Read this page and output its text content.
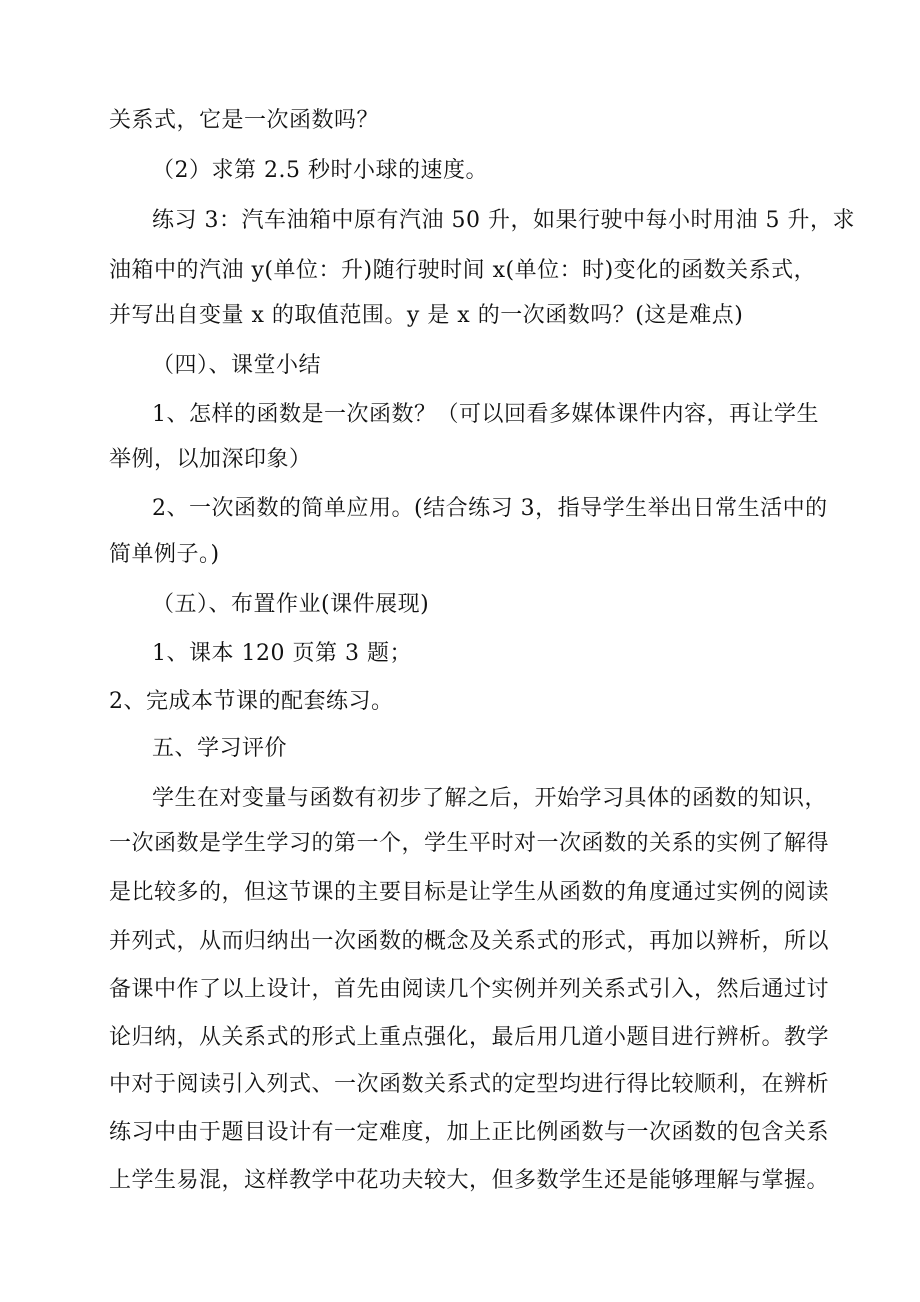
关系式，它是一次函数吗？
（2）求第 2.5 秒时小球的速度。
练习 3：汽车油箱中原有汽油 50 升，如果行驶中每小时用油 5 升，求
油箱中的汽油 y(单位：升)随行驶时间 x(单位：时)变化的函数关系式，
并写出自变量 x 的取值范围。y 是 x 的一次函数吗？(这是难点)
（四）、课堂小结
1、怎样的函数是一次函数？（可以回看多媒体课件内容，再让学生
举例，以加深印象）
2、一次函数的简单应用。(结合练习 3，指导学生举出日常生活中的
简单例子。)
（五）、布置作业(课件展现)
1、课本 120 页第 3 题；
2、完成本节课的配套练习。
五、学习评价
学生在对变量与函数有初步了解之后，开始学习具体的函数的知识，
一次函数是学生学习的第一个，学生平时对一次函数的关系的实例了解得
是比较多的，但这节课的主要目标是让学生从函数的角度通过实例的阅读
并列式，从而归纳出一次函数的概念及关系式的形式，再加以辨析，所以
备课中作了以上设计，首先由阅读几个实例并列关系式引入，然后通过讨
论归纳，从关系式的形式上重点强化，最后用几道小题目进行辨析。教学
中对于阅读引入列式、一次函数关系式的定型均进行得比较顺利，在辨析
练习中由于题目设计有一定难度，加上正比例函数与一次函数的包含关系
上学生易混，这样教学中花功夫较大，但多数学生还是能够理解与掌握。
